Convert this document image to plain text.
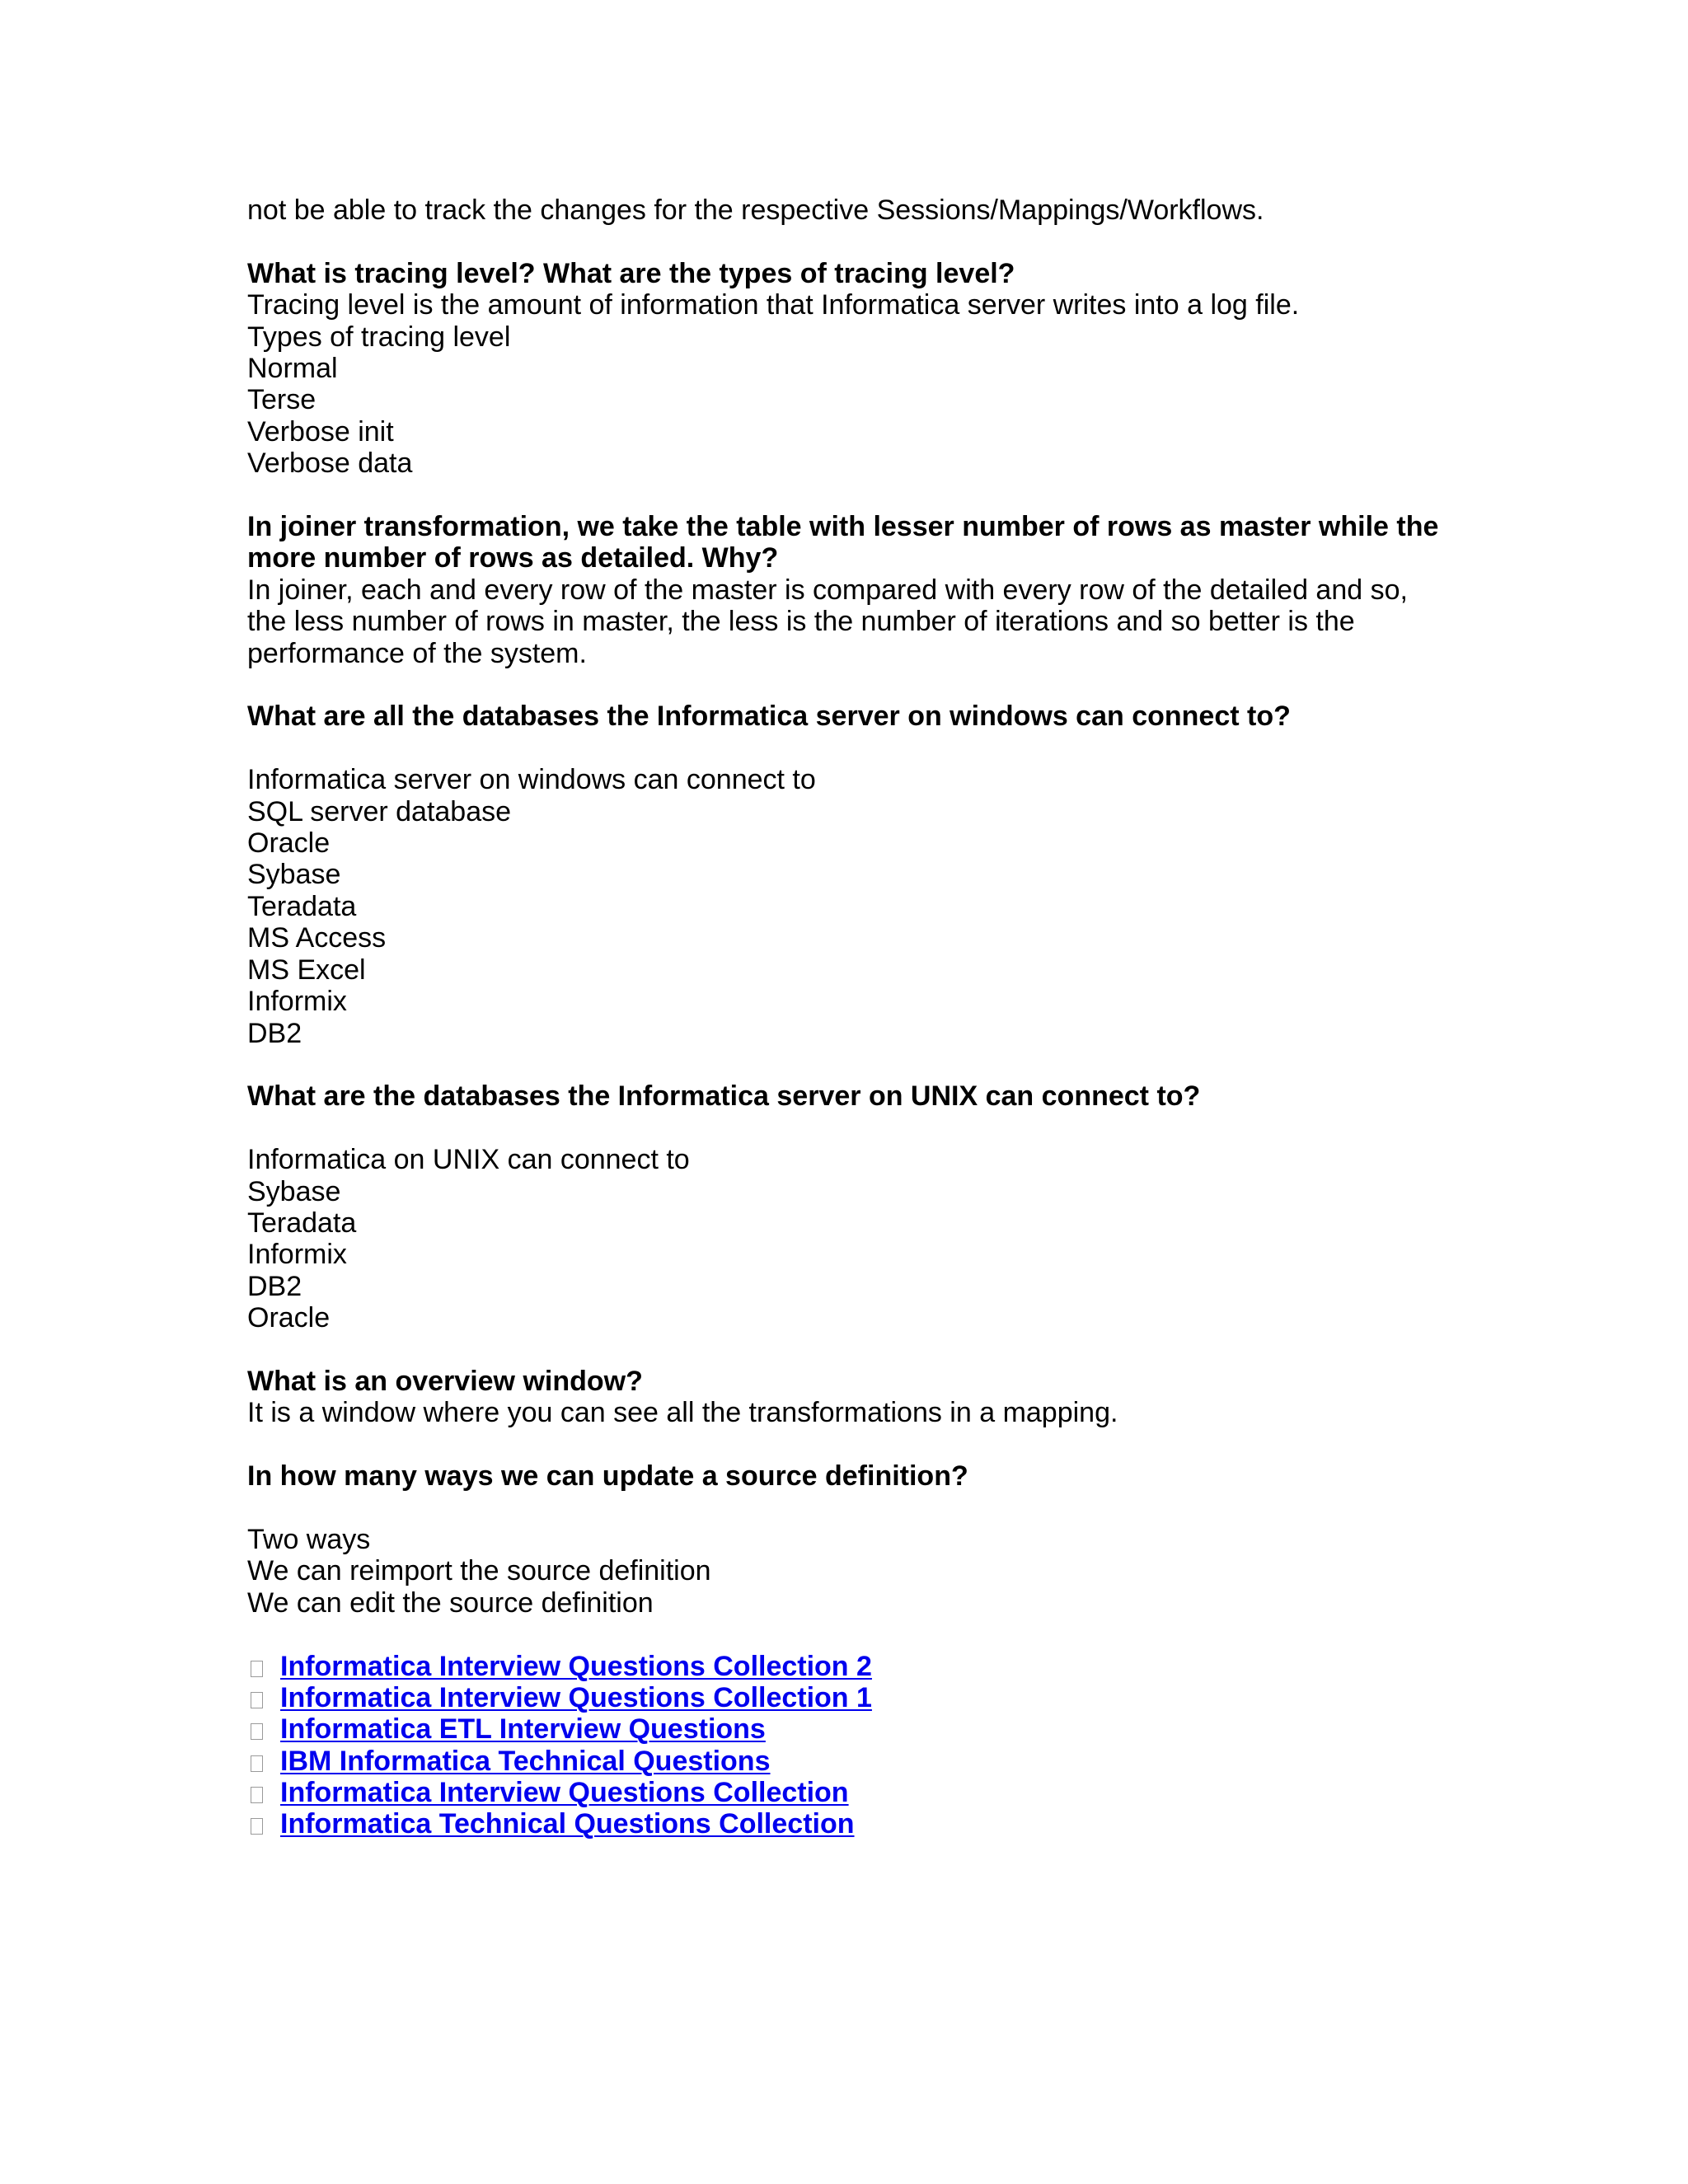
not be able to track the changes for the respective Sessions/Mappings/Workflows.

What is tracing level? What are the types of tracing level?

Tracing level is the amount of information that Informatica server writes into a log file.

Types of tracing level

Normal

Terse

Verbose init

Verbose data

In joiner transformation, we take the table with lesser number of rows as master while the more number of rows as detailed. Why?

In joiner, each and every row of the master is compared with every row of the detailed and so, the less number of rows in master, the less is the number of iterations and so better is the performance of the system.

What are all the databases the Informatica server on windows can connect to?

Informatica server on windows can connect to

SQL server database

Oracle

Sybase

Teradata

MS Access

MS Excel

Informix

DB2

What are the databases the Informatica server on UNIX can connect to?

Informatica on UNIX can connect to

Sybase

Teradata

Informix

DB2

Oracle

What is an overview window?

It is a window where you can see all the transformations in a mapping.

In how many ways we can update a source definition?

Two ways

We can reimport the source definition

We can edit the source definition

Informatica Interview Questions Collection 2
Informatica Interview Questions Collection 1
Informatica ETL Interview Questions
IBM Informatica Technical Questions
Informatica Interview Questions Collection
Informatica Technical Questions Collection
